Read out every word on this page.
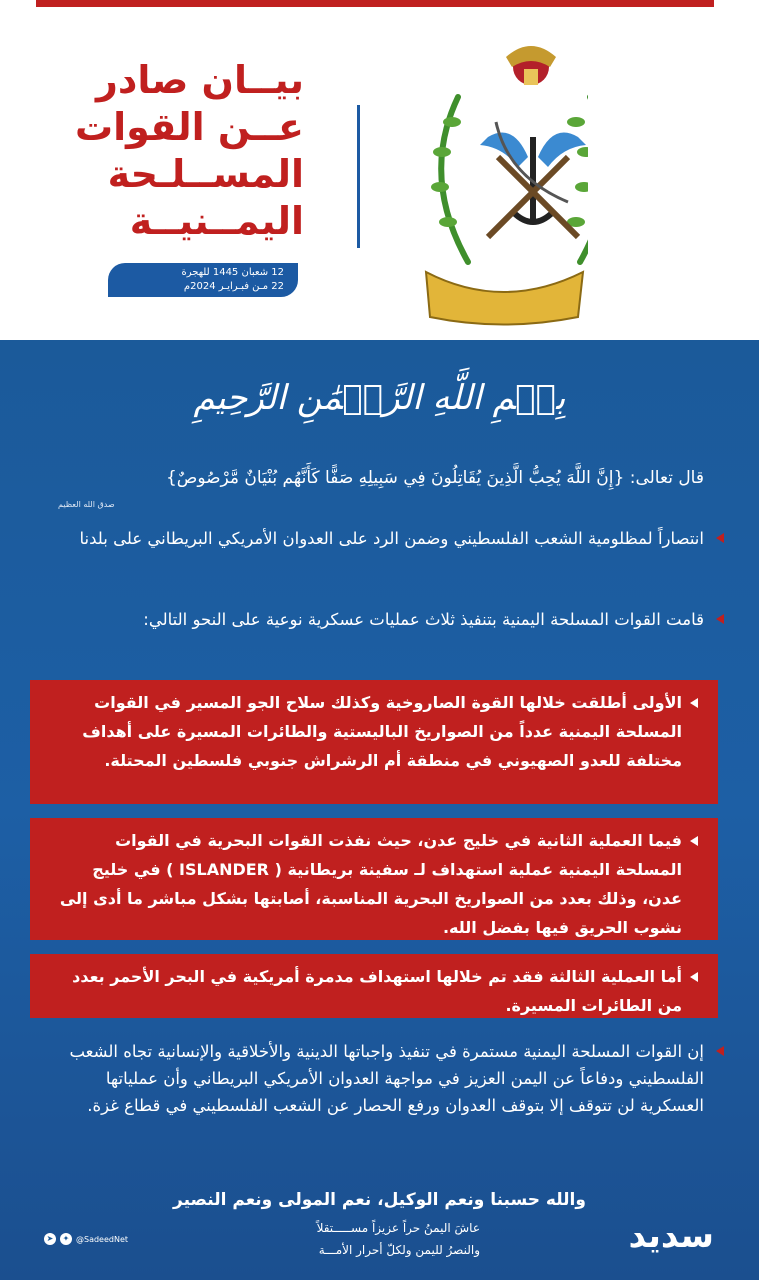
بيــان صادر
عــن القوات
المســلـحة
اليمــنيــة
12 شعبان 1445 للهجرة
22 مـن فبـرايـر 2024م
بِسۡمِ اللَّهِ الرَّحۡمَٰنِ الرَّحِيمِ
قال تعالى: {إِنَّ اللَّهَ يُحِبُّ الَّذِينَ يُقَاتِلُونَ فِي سَبِيلِهِ صَفًّا كَأَنَّهُم بُنْيَانٌ مَّرْصُوصٌ}
صدق الله العظيم
انتصاراً لمظلومية الشعب الفلسطيني وضمن الرد على العدوان الأمريكي البريطاني على بلدنا
قامت القوات المسلحة اليمنية بتنفيذ ثلاث عمليات عسكرية نوعية على النحو التالي:
الأولى أطلقت خلالها القوة الصاروخية وكذلك سلاح الجو المسير في القوات المسلحة اليمنية عدداً من الصواريخ الباليستية والطائرات المسيرة على أهداف مختلفة للعدو الصهيوني في منطقة أم الرشراش جنوبي فلسطين المحتلة.
فيما العملية الثانية في خليج عدن، حيث نفذت القوات البحرية في القوات المسلحة اليمنية عملية استهداف لـ سفينة بريطانية ( ISLANDER ) في خليج عدن، وذلك بعدد من الصواريخ البحرية المناسبة، أصابتها بشكل مباشر ما أدى إلى نشوب الحريق فيها بفضل الله.
أما العملية الثالثة فقد تم خلالها استهداف مدمرة أمريكية في البحر الأحمر بعدد من الطائرات المسيرة.
إن القوات المسلحة اليمنية مستمرة في تنفيذ واجباتها الدينية والأخلاقية والإنسانية تجاه الشعب الفلسطيني ودفاعاً عن اليمن العزيز في مواجهة العدوان الأمريكي البريطاني وأن عملياتها العسكرية لن تتوقف إلا بتوقف العدوان ورفع الحصار عن الشعب الفلسطيني في قطاع غزة.
والله حسبنا ونعم الوكيل، نعم المولى ونعم النصير
عاشَ اليمنُ حراً عزيزاً مســـــتقلاً
والنصرُ لليمن ولكلّ أحرار الأمـــة
➤	✦ @SadeedNet	سديد
